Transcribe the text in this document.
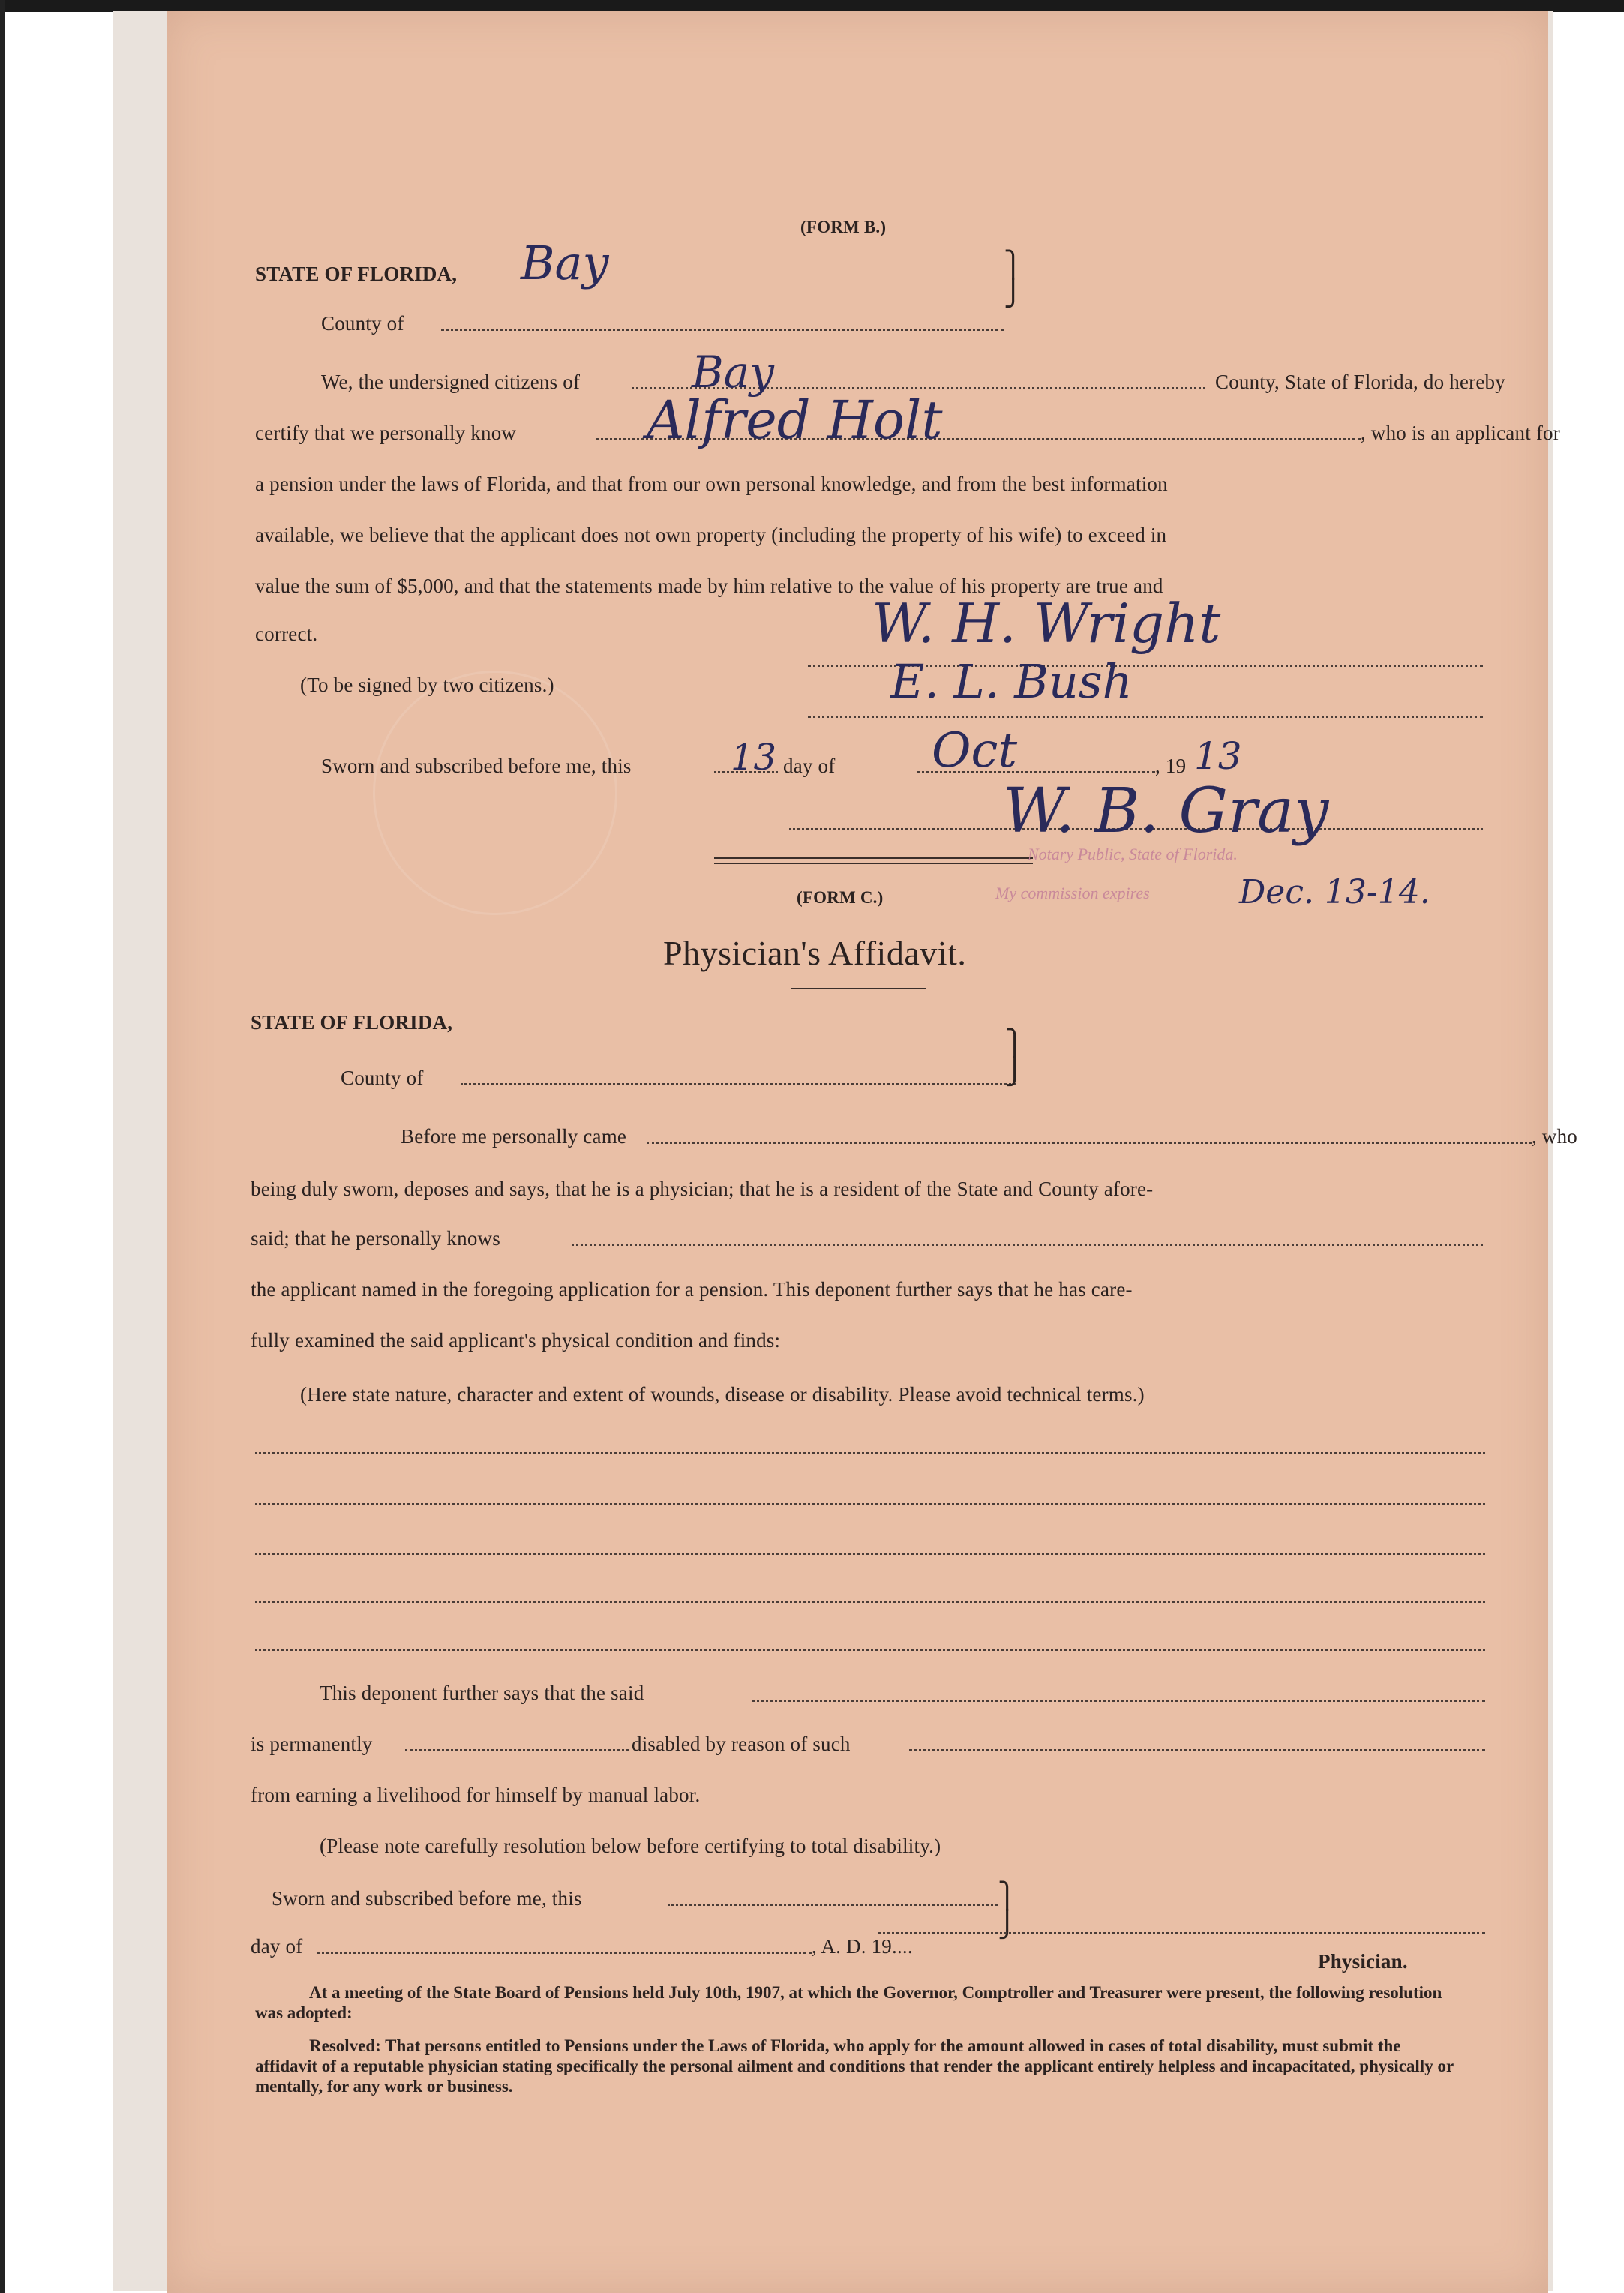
(FORM B.)
STATE OF FLORIDA, Bay
County of
⎫
⎭
We, the undersigned citizens of	Bay	County, State of Florida, do hereby
certify that we personally know Alfred Holt	, who is an applicant for
a pension under the laws of Florida, and that from our own personal knowledge, and from the best information
available, we believe that the applicant does not own property (including the property of his wife) to exceed in
value the sum of $5,000, and that the statements made by him relative to the value of his property are true and
correct.	W. H. Wright
(To be signed by two citizens.)	E. L. Bush
Sworn and subscribed before me, this	13 day of Oct	, 19 13
W. B. Gray
Notary Public, State of Florida.
My commission expires	Dec. 13-14.
(FORM C.)
Physician's Affidavit.
STATE OF FLORIDA,
County of
⎫
⎭
Before me personally came	, who
being duly sworn, deposes and says, that he is a physician; that he is a resident of the State and County afore-
said; that he personally knows
the applicant named in the foregoing application for a pension. This deponent further says that he has care-
fully examined the said applicant's physical condition and finds:
(Here state nature, character and extent of wounds, disease or disability. Please avoid technical terms.)
This deponent further says that the said
is permanently	disabled by reason of such
from earning a livelihood for himself by manual labor.
(Please note carefully resolution below before certifying to total disability.)
Sworn and subscribed before me, this	⎫
⎭
day of	, A. D. 19....
Physician.
At a meeting of the State Board of Pensions held July 10th, 1907, at which the Governor, Comptroller and Treasurer were present, the following resolution was adopted:
Resolved: That persons entitled to Pensions under the Laws of Florida, who apply for the amount allowed in cases of total disability, must submit the affidavit of a reputable physician stating specifically the personal ailment and conditions that render the applicant entirely helpless and incapacitated, physically or mentally, for any work or business.
